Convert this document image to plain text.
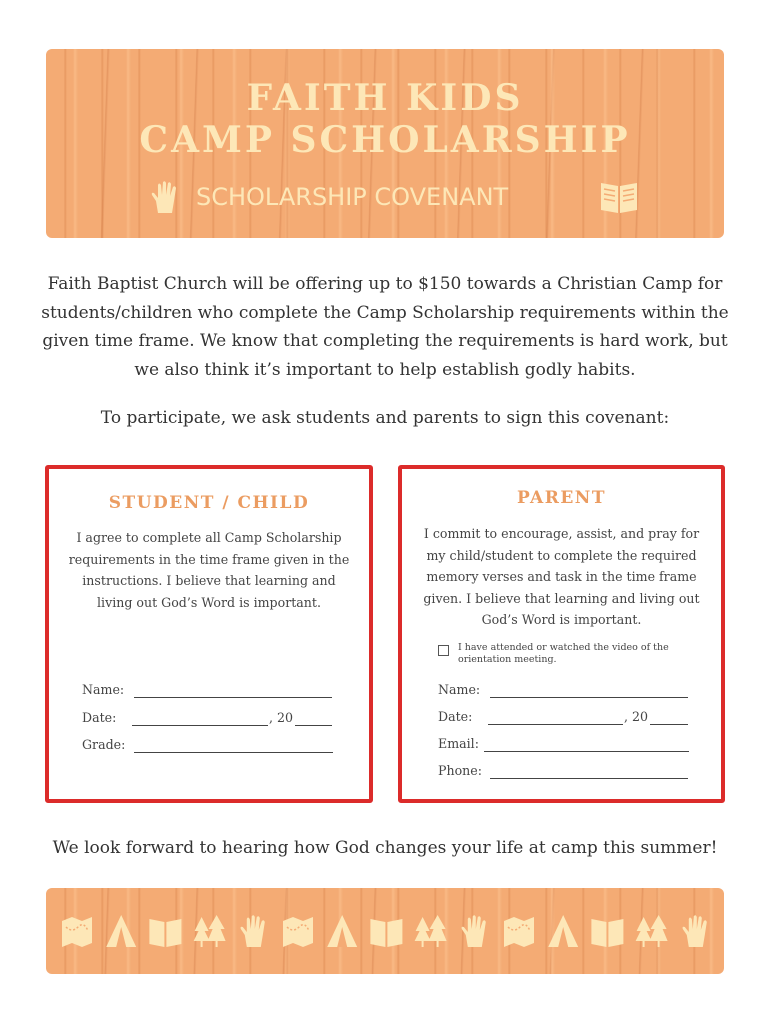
FAITH KIDS
CAMP SCHOLARSHIP
SCHOLARSHIP COVENANT

Faith Baptist Church will be offering up to $150 towards a Christian Camp for students/children who complete the Camp Scholarship requirements within the given time frame. We know that completing the requirements is hard work, but we also think it’s important to help establish godly habits.

To participate, we ask students and parents to sign this covenant:

STUDENT / CHILD

I agree to complete all Camp Scholarship requirements in the time frame given in the instructions. I believe that learning and living out God’s Word is important.

Name:
Date:	, 20
Grade:
PARENT

I commit to encourage, assist, and pray for my child/student to complete the required memory verses and task in the time frame given. I believe that learning and living out God’s Word is important.

I have attended or watched the video of the orientation meeting.
Name:
Date:	, 20
Email:
Phone:

We look forward to hearing how God changes your life at camp this summer!
